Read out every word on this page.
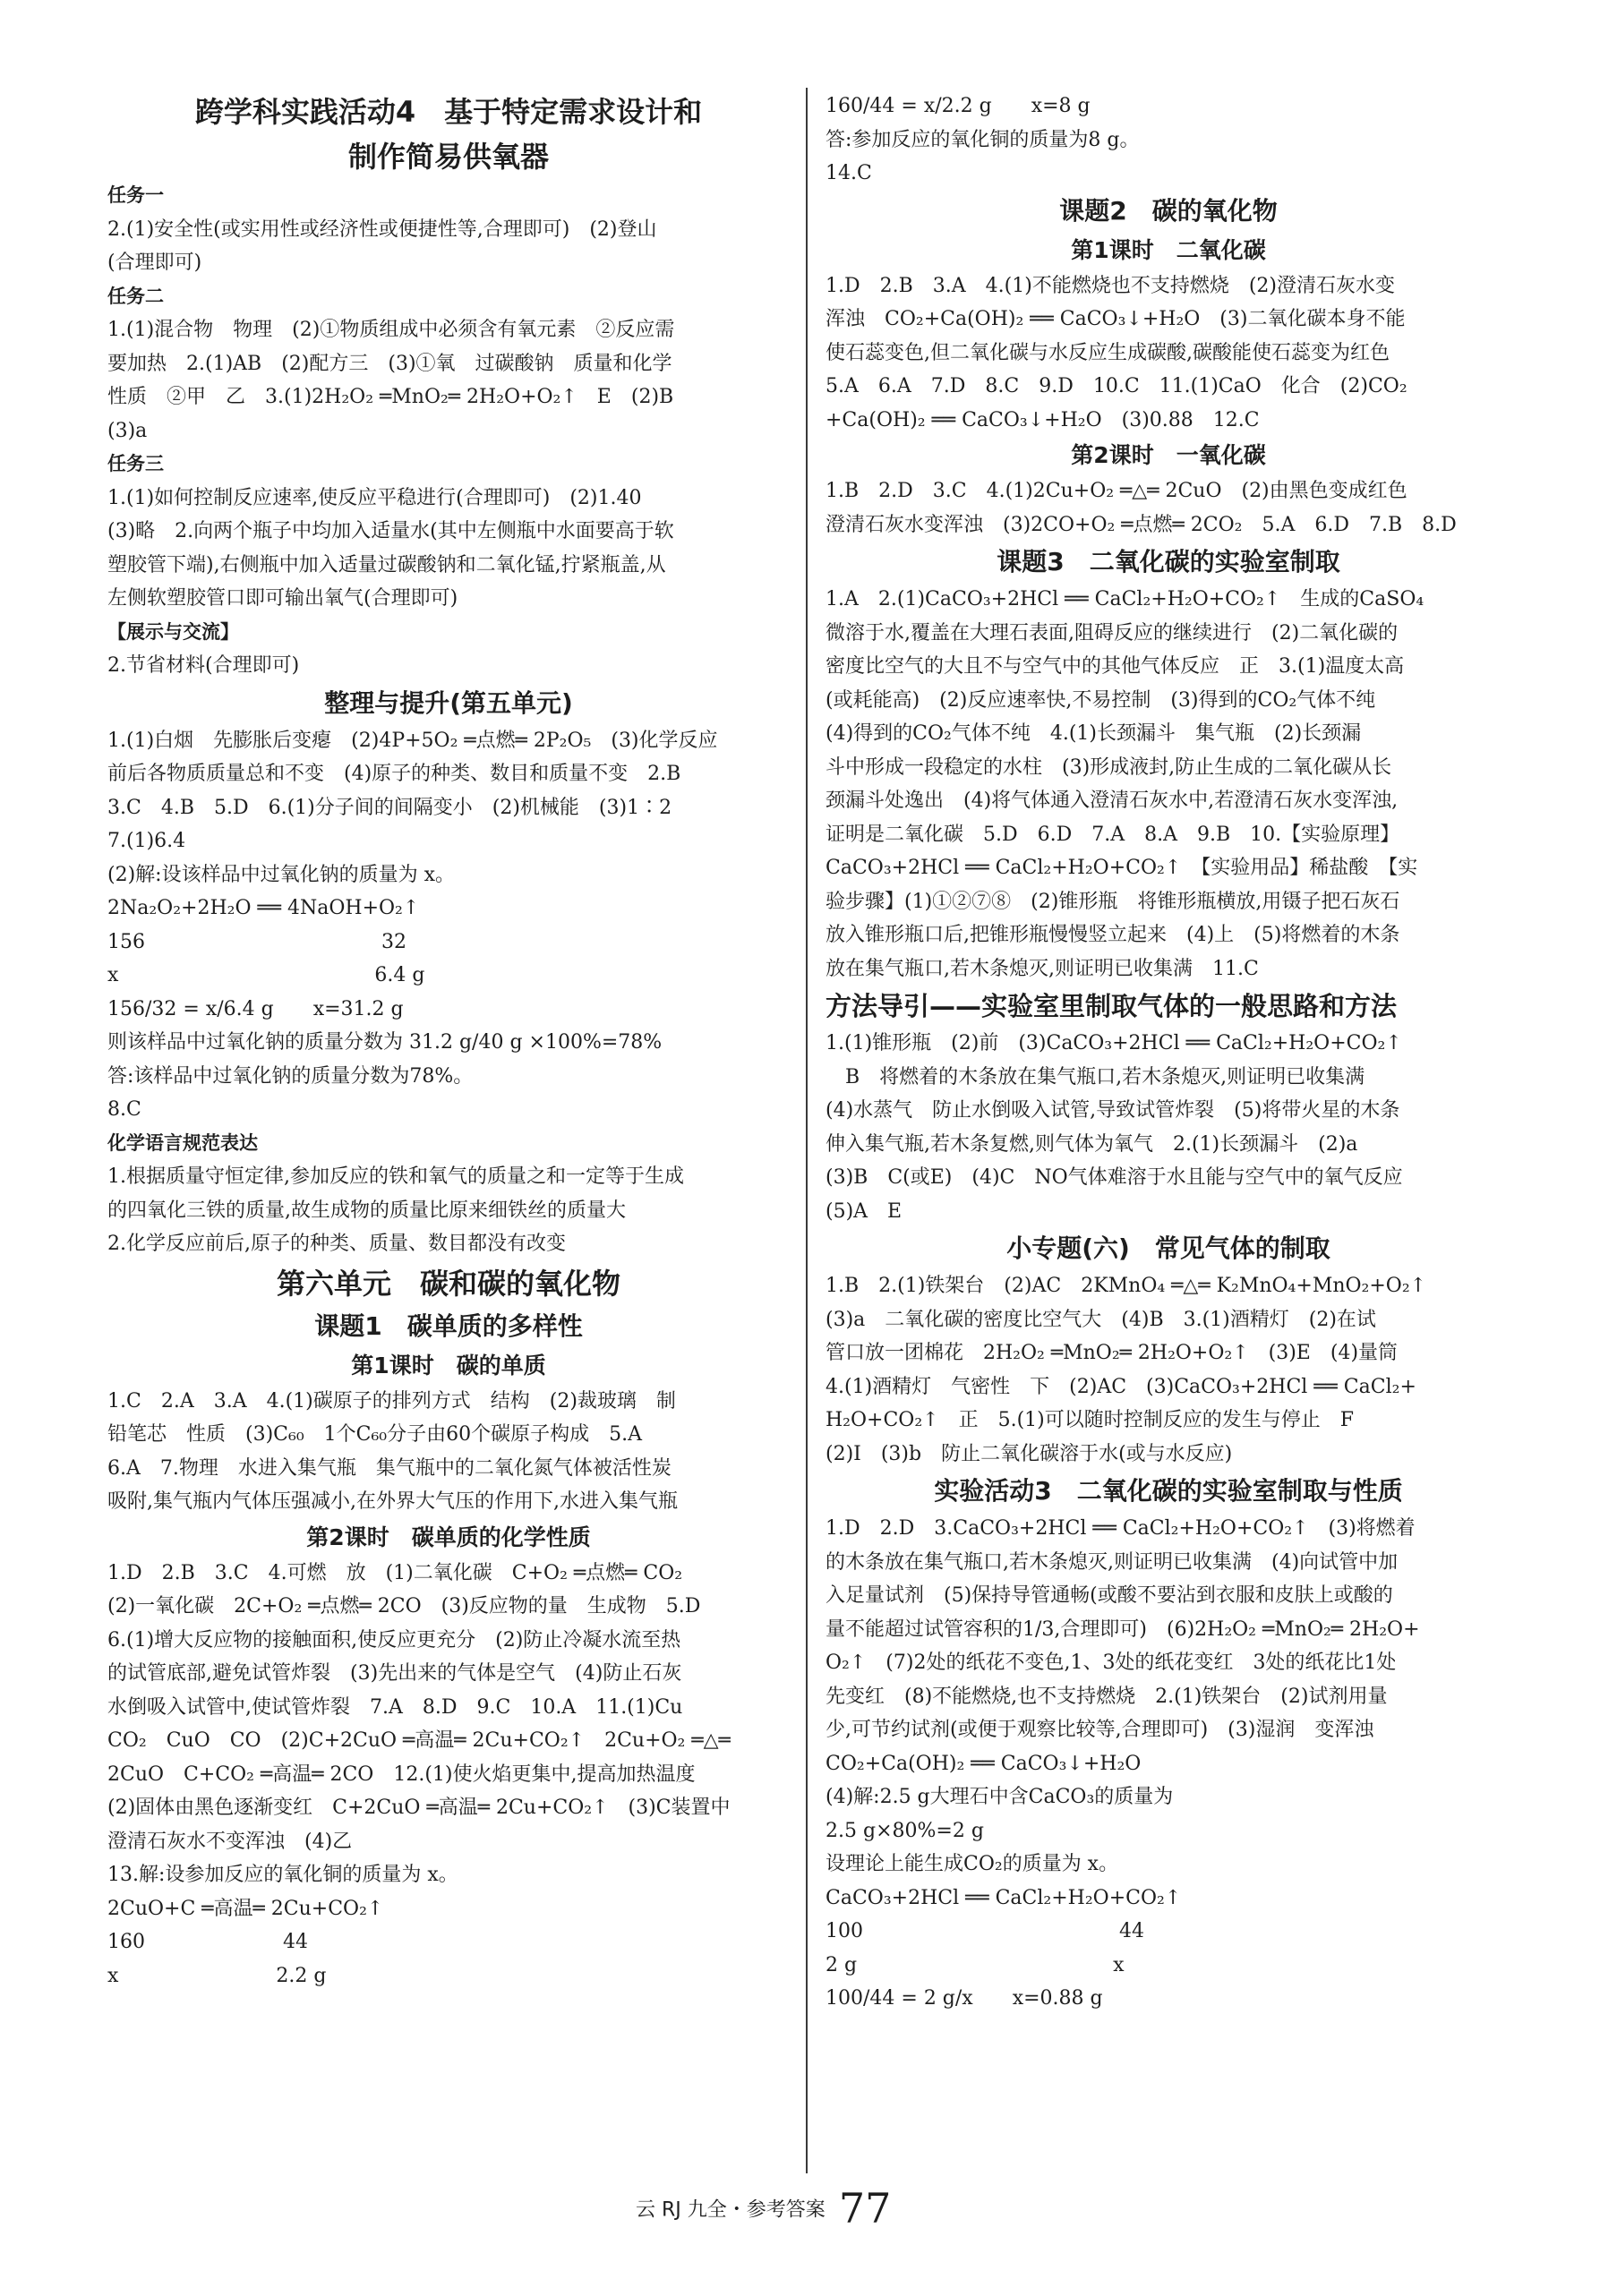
跨学科实践活动4　基于特定需求设计和
制作简易供氧器
任务一
2.(1)安全性(或实用性或经济性或便捷性等,合理即可)　(2)登山
(合理即可)
任务二
1.(1)混合物　物理　(2)①物质组成中必须含有氧元素　②反应需
要加热　2.(1)AB　(2)配方三　(3)①氧　过碳酸钠　质量和化学
性质　②甲　乙　3.(1)2H₂O₂ ═MnO₂═ 2H₂O+O₂↑　E　(2)B
(3)a
任务三
1.(1)如何控制反应速率,使反应平稳进行(合理即可)　(2)1.40
(3)略　2.向两个瓶子中均加入适量水(其中左侧瓶中水面要高于软
塑胶管下端),右侧瓶中加入适量过碳酸钠和二氧化锰,拧紧瓶盖,从
左侧软塑胶管口即可输出氧气(合理即可)
【展示与交流】
2.节省材料(合理即可)
整理与提升(第五单元)
1.(1)白烟　先膨胀后变瘪　(2)4P+5O₂ ═点燃═ 2P₂O₅　(3)化学反应
前后各物质质量总和不变　(4)原子的种类、数目和质量不变　2.B
3.C　4.B　5.D　6.(1)分子间的间隔变小　(2)机械能　(3)1∶2
7.(1)6.4
(2)解:设该样品中过氧化钠的质量为 x。
2Na₂O₂+2H₂O ══ 4NaOH+O₂↑
156　　　　　　　　　　　　32
x　　　　　　　　　　　　　6.4 g
156/32 = x/6.4 g　　x=31.2 g
则该样品中过氧化钠的质量分数为 31.2 g/40 g ×100%=78%
答:该样品中过氧化钠的质量分数为78%。
8.C
化学语言规范表达
1.根据质量守恒定律,参加反应的铁和氧气的质量之和一定等于生成
的四氧化三铁的质量,故生成物的质量比原来细铁丝的质量大
2.化学反应前后,原子的种类、质量、数目都没有改变
第六单元　碳和碳的氧化物
课题1　碳单质的多样性
第1课时　碳的单质
1.C　2.A　3.A　4.(1)碳原子的排列方式　结构　(2)裁玻璃　制
铅笔芯　性质　(3)C₆₀　1个C₆₀分子由60个碳原子构成　5.A
6.A　7.物理　水进入集气瓶　集气瓶中的二氧化氮气体被活性炭
吸附,集气瓶内气体压强减小,在外界大气压的作用下,水进入集气瓶
第2课时　碳单质的化学性质
1.D　2.B　3.C　4.可燃　放　(1)二氧化碳　C+O₂ ═点燃═ CO₂
(2)一氧化碳　2C+O₂ ═点燃═ 2CO　(3)反应物的量　生成物　5.D
6.(1)增大反应物的接触面积,使反应更充分　(2)防止冷凝水流至热
的试管底部,避免试管炸裂　(3)先出来的气体是空气　(4)防止石灰
水倒吸入试管中,使试管炸裂　7.A　8.D　9.C　10.A　11.(1)Cu
CO₂　CuO　CO　(2)C+2CuO ═高温═ 2Cu+CO₂↑　2Cu+O₂ ═△═
2CuO　C+CO₂ ═高温═ 2CO　12.(1)使火焰更集中,提高加热温度
(2)固体由黑色逐渐变红　C+2CuO ═高温═ 2Cu+CO₂↑　(3)C装置中
澄清石灰水不变浑浊　(4)乙
13.解:设参加反应的氧化铜的质量为 x。
2CuO+C ═高温═ 2Cu+CO₂↑
160　　　　　　　44
x　　　　　　　　2.2 g
160/44 = x/2.2 g　　x=8 g
答:参加反应的氧化铜的质量为8 g。
14.C
课题2　碳的氧化物
第1课时　二氧化碳
1.D　2.B　3.A　4.(1)不能燃烧也不支持燃烧　(2)澄清石灰水变
浑浊　CO₂+Ca(OH)₂ ══ CaCO₃↓+H₂O　(3)二氧化碳本身不能
使石蕊变色,但二氧化碳与水反应生成碳酸,碳酸能使石蕊变为红色
5.A　6.A　7.D　8.C　9.D　10.C　11.(1)CaO　化合　(2)CO₂
+Ca(OH)₂ ══ CaCO₃↓+H₂O　(3)0.88　12.C
第2课时　一氧化碳
1.B　2.D　3.C　4.(1)2Cu+O₂ ═△═ 2CuO　(2)由黑色变成红色
澄清石灰水变浑浊　(3)2CO+O₂ ═点燃═ 2CO₂　5.A　6.D　7.B　8.D
课题3　二氧化碳的实验室制取
1.A　2.(1)CaCO₃+2HCl ══ CaCl₂+H₂O+CO₂↑　生成的CaSO₄
微溶于水,覆盖在大理石表面,阻碍反应的继续进行　(2)二氧化碳的
密度比空气的大且不与空气中的其他气体反应　正　3.(1)温度太高
(或耗能高)　(2)反应速率快,不易控制　(3)得到的CO₂气体不纯
(4)得到的CO₂气体不纯　4.(1)长颈漏斗　集气瓶　(2)长颈漏
斗中形成一段稳定的水柱　(3)形成液封,防止生成的二氧化碳从长
颈漏斗处逸出　(4)将气体通入澄清石灰水中,若澄清石灰水变浑浊,
证明是二氧化碳　5.D　6.D　7.A　8.A　9.B　10.【实验原理】
CaCO₃+2HCl ══ CaCl₂+H₂O+CO₂↑　【实验用品】稀盐酸　【实
验步骤】(1)①②⑦⑧　(2)锥形瓶　将锥形瓶横放,用镊子把石灰石
放入锥形瓶口后,把锥形瓶慢慢竖立起来　(4)上　(5)将燃着的木条
放在集气瓶口,若木条熄灭,则证明已收集满　11.C
方法导引——实验室里制取气体的一般思路和方法
1.(1)锥形瓶　(2)前　(3)CaCO₃+2HCl ══ CaCl₂+H₂O+CO₂↑
　B　将燃着的木条放在集气瓶口,若木条熄灭,则证明已收集满
(4)水蒸气　防止水倒吸入试管,导致试管炸裂　(5)将带火星的木条
伸入集气瓶,若木条复燃,则气体为氧气　2.(1)长颈漏斗　(2)a
(3)B　C(或E)　(4)C　NO气体难溶于水且能与空气中的氧气反应
(5)A　E
小专题(六)　常见气体的制取
1.B　2.(1)铁架台　(2)AC　2KMnO₄ ═△═ K₂MnO₄+MnO₂+O₂↑
(3)a　二氧化碳的密度比空气大　(4)B　3.(1)酒精灯　(2)在试
管口放一团棉花　2H₂O₂ ═MnO₂═ 2H₂O+O₂↑　(3)E　(4)量筒
4.(1)酒精灯　气密性　下　(2)AC　(3)CaCO₃+2HCl ══ CaCl₂+
H₂O+CO₂↑　正　5.(1)可以随时控制反应的发生与停止　F
(2)I　(3)b　防止二氧化碳溶于水(或与水反应)
实验活动3　二氧化碳的实验室制取与性质
1.D　2.D　3.CaCO₃+2HCl ══ CaCl₂+H₂O+CO₂↑　(3)将燃着
的木条放在集气瓶口,若木条熄灭,则证明已收集满　(4)向试管中加
入足量试剂　(5)保持导管通畅(或酸不要沾到衣服和皮肤上或酸的
量不能超过试管容积的1/3,合理即可)　(6)2H₂O₂ ═MnO₂═ 2H₂O+
O₂↑　(7)2处的纸花不变色,1、3处的纸花变红　3处的纸花比1处
先变红　(8)不能燃烧,也不支持燃烧　2.(1)铁架台　(2)试剂用量
少,可节约试剂(或便于观察比较等,合理即可)　(3)湿润　变浑浊
CO₂+Ca(OH)₂ ══ CaCO₃↓+H₂O
(4)解:2.5 g大理石中含CaCO₃的质量为
2.5 g×80%=2 g
设理论上能生成CO₂的质量为 x。
CaCO₃+2HCl ══ CaCl₂+H₂O+CO₂↑
100　　　　　　　　　　　　　44
2 g　　　　　　　　　　　　　x
100/44 = 2 g/x　　x=0.88 g
云 RJ 九全・参考答案 77
